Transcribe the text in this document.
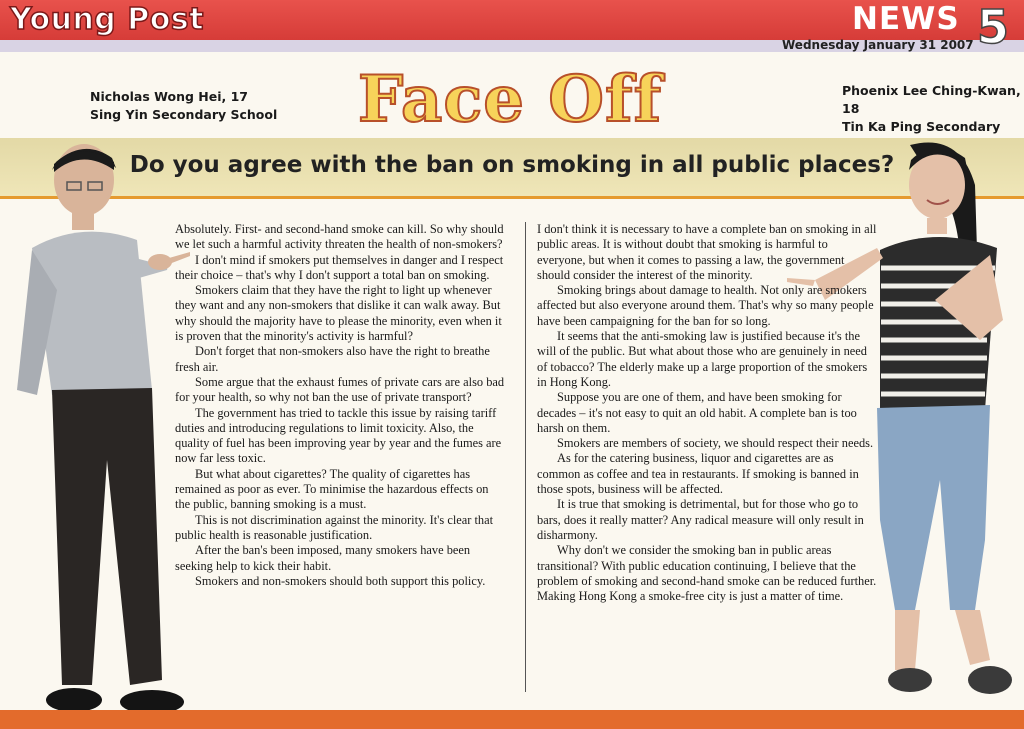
Young Post	NEWS 5
Wednesday January 31 2007
Nicholas Wong Hei, 17
Sing Yin Secondary School
Phoenix Lee Ching-Kwan, 18
Tin Ka Ping Secondary
Face Off
Do you agree with the ban on smoking in all public places?

Absolutely. First- and second-hand smoke can kill. So why should we let such a harmful activity threaten the health of non-smokers?

I don't mind if smokers put themselves in danger and I respect their choice – that's why I don't support a total ban on smoking.

Smokers claim that they have the right to light up whenever they want and any non-smokers that dislike it can walk away. But why should the majority have to please the minority, even when it is proven that the minority's activity is harmful?

Don't forget that non-smokers also have the right to breathe fresh air.

Some argue that the exhaust fumes of private cars are also bad for your health, so why not ban the use of private transport?

The government has tried to tackle this issue by raising tariff duties and introducing regulations to limit toxicity. Also, the quality of fuel has been improving year by year and the fumes are now far less toxic.

But what about cigarettes? The quality of cigarettes has remained as poor as ever. To minimise the hazardous effects on the public, banning smoking is a must.

This is not discrimination against the minority. It's clear that public health is reasonable justification.

After the ban's been imposed, many smokers have been seeking help to kick their habit.

Smokers and non-smokers should both support this policy.

I don't think it is necessary to have a complete ban on smoking in all public areas. It is without doubt that smoking is harmful to everyone, but when it comes to passing a law, the government should consider the interest of the minority.

Smoking brings about damage to health. Not only are smokers affected but also everyone around them. That's why so many people have been campaigning for the ban for so long.

It seems that the anti-smoking law is justified because it's the will of the public. But what about those who are genuinely in need of tobacco? The elderly make up a large proportion of the smokers in Hong Kong.

Suppose you are one of them, and have been smoking for decades – it's not easy to quit an old habit. A complete ban is too harsh on them.

Smokers are members of society, we should respect their needs.

As for the catering business, liquor and cigarettes are as common as coffee and tea in restaurants. If smoking is banned in those spots, business will be affected.

It is true that smoking is detrimental, but for those who go to bars, does it really matter? Any radical measure will only result in disharmony.

Why don't we consider the smoking ban in public areas transitional? With public education continuing, I believe that the problem of smoking and second-hand smoke can be reduced further. Making Hong Kong a smoke-free city is just a matter of time.
